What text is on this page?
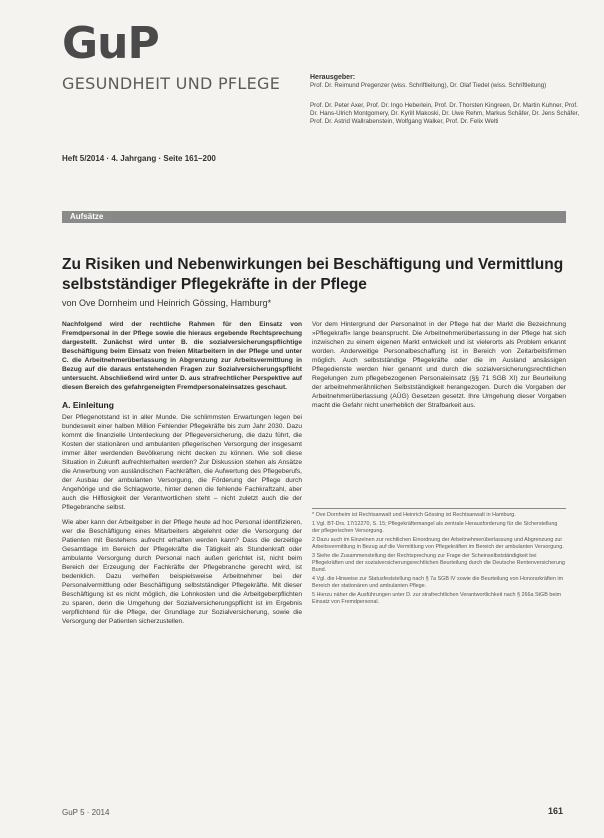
GuP
GESUNDHEIT UND PFLEGE
Heft 5/2014 · 4. Jahrgang · Seite 161–200
Herausgeber:
Prof. Dr. Reimund Pregenzer (wiss. Schriftleitung), Dr. Olaf Tiedel (wiss. Schriftleitung)
Prof. Dr. Peter Axer, Prof. Dr. Ingo Heberlein, Prof. Dr. Thorsten Kingreen, Dr. Martin Kuhner, Prof. Dr. Hans-Ulrich Montgomery, Dr. Kyrill Makoski, Dr. Uwe Rehm, Markus Schäfer, Dr. Jens Schäfer, Prof. Dr. Astrid Wallrabenstein, Wolfgang Walker, Prof. Dr. Felix Welti
Aufsätze
Zu Risiken und Nebenwirkungen bei Beschäftigung und Vermittlung selbstständiger Pflegekräfte in der Pflege
von Ove Dornheim und Heinrich Gössing, Hamburg*
Nachfolgend wird der rechtliche Rahmen für den Einsatz von Fremdpersonal in der Pflege sowie die hieraus ergebende Rechtsprechung dargestellt. Zunächst wird unter B. die sozialversicherungspflichtige Beschäftigung beim Einsatz von freien Mitarbeitern in der Pflege und unter C. die Arbeitnehmerüberlassung in Abgrenzung zur Arbeitsvermittlung in Bezug auf die daraus entstehenden Fragen zur Sozialversicherungspflicht untersucht. Abschließend wird unter D. aus strafrechtlicher Perspektive auf diesen Bereich des gefahrgeneigten Fremdpersonaleinsatzes geschaut.
A. Einleitung
Der Pflegenotstand ist in aller Munde. Die schlimmsten Erwartungen legen bei bundesweit einer halben Million Fehlender Pflegekräfte bis zum Jahr 2030. Dazu kommt die finanzielle Unterdeckung der Pflegeversicherung, die dazu führt, die Kosten der stationären und ambulanten pflegerischen Versorgung der insgesamt immer älter werdenden Bevölkerung nicht decken zu können. Wie soll diese Situation in Zukunft aufrechterhalten werden? Zur Diskussion stehen als Ansätze die Anwerbung von ausländischen Fachkräften, die Aufwertung des Pflegeberufs, der Ausbau der ambulanten Versorgung, die Förderung der Pflege durch Angehörige und die Schlagworte, hinter denen die fehlende Fachkraftzahl, aber auch die Hilflosigkeit der Verantwortlichen steht – nicht zuletzt auch die der Pflegebranche selbst.
Wie aber kann der Arbeitgeber in der Pflege heute ad hoc Personal identifizieren, wer die Beschäftigung eines Mitarbeiters abgelehnt oder die Versorgung der Patienten mit Bestehens aufrecht erhalten werden kann? Dass die derzeitige Gesamtlage im Bereich der Pflegekräfte die Tätigkeit als Stundenkraft oder ambulante Versorgung durch Personal nach außen gerichtet ist, nicht beim Bereich der Erzeugung der Fachkräfte der Pflegebranche gerecht wird, ist bedenklich. Dazu verhelfen beispielsweise Arbeitnehmer bei der Personalvermittlung oder Beschäftigung selbstständiger Pflegekräfte. Mit dieser Beschäftigung ist es nicht möglich, die Lohnkosten und die Arbeitgeberpflichten zu sparen, denn die Umgehung der Sozialversicherungspflicht ist im Ergebnis verpflichtend für die Pflege, der Grundlage zur Sozialversicherung, sowie die Versorgung der Patienten sicherzustellen.
Vor dem Hintergrund der Personalnot in der Pflege hat der Markt die Bezeichnung »Pflegekraft« lange beansprucht. Die Arbeitnehmerüberlassung in der Pflege hat sich inzwischen zu einem eigenen Markt entwickelt und ist vielerorts als Problem erkannt worden. Anderweitige Personalbeschaffung ist in Bereich von Zeitarbeitsfirmen möglich. Auch selbstständige Pflegekräfte oder die im Ausland ansässigen Pflegedienste werden hier genannt und durch die sozialversicherungsrechtlichen Regelungen zum pflegebezogenen Personaleinsatz (§§ 71 SGB XI) zur Beurteilung der arbeitnehmerähnlichen Selbstständigkeit herangezogen. Durch die Vorgaben der Arbeitnehmerüberlassung (AÜG) Gesetzen gesetzt. Ihre Umgehung dieser Vorgaben macht die Gefahr nicht unerheblich der Strafbarkeit aus.

* Ove Dornheim ist Rechtsanwalt und Heinrich Gössing ist Rechtsanwalt in Hamburg.

1 Vgl. BT-Drs. 17/12270, S. 15; Pflegekräftemangel als zentrale Herausforderung für die Sicherstellung der pflegerischen Versorgung.

2 Dazu auch im Einzelnen zur rechtlichen Einordnung der Arbeitnehmerüberlassung und Abgrenzung zur Arbeitsvermittlung in Bezug auf die Vermittlung von Pflegekräften im Bereich der ambulanten Versorgung.

3 Siehe die Zusammenstellung der Rechtsprechung zur Frage der Scheinselbstständigkeit bei Pflegekräften und der sozialversicherungsrechtlichen Beurteilung durch die Deutsche Rentenversicherung Bund.

4 Vgl. die Hinweise zur Statusfeststellung nach § 7a SGB IV sowie die Beurteilung von Honorarkräften im Bereich der stationären und ambulanten Pflege.

5 Hierzu näher die Ausführungen unter D. zur strafrechtlichen Verantwortlichkeit nach § 266a StGB beim Einsatz von Fremdpersonal.

GuP 5 · 2014	161
